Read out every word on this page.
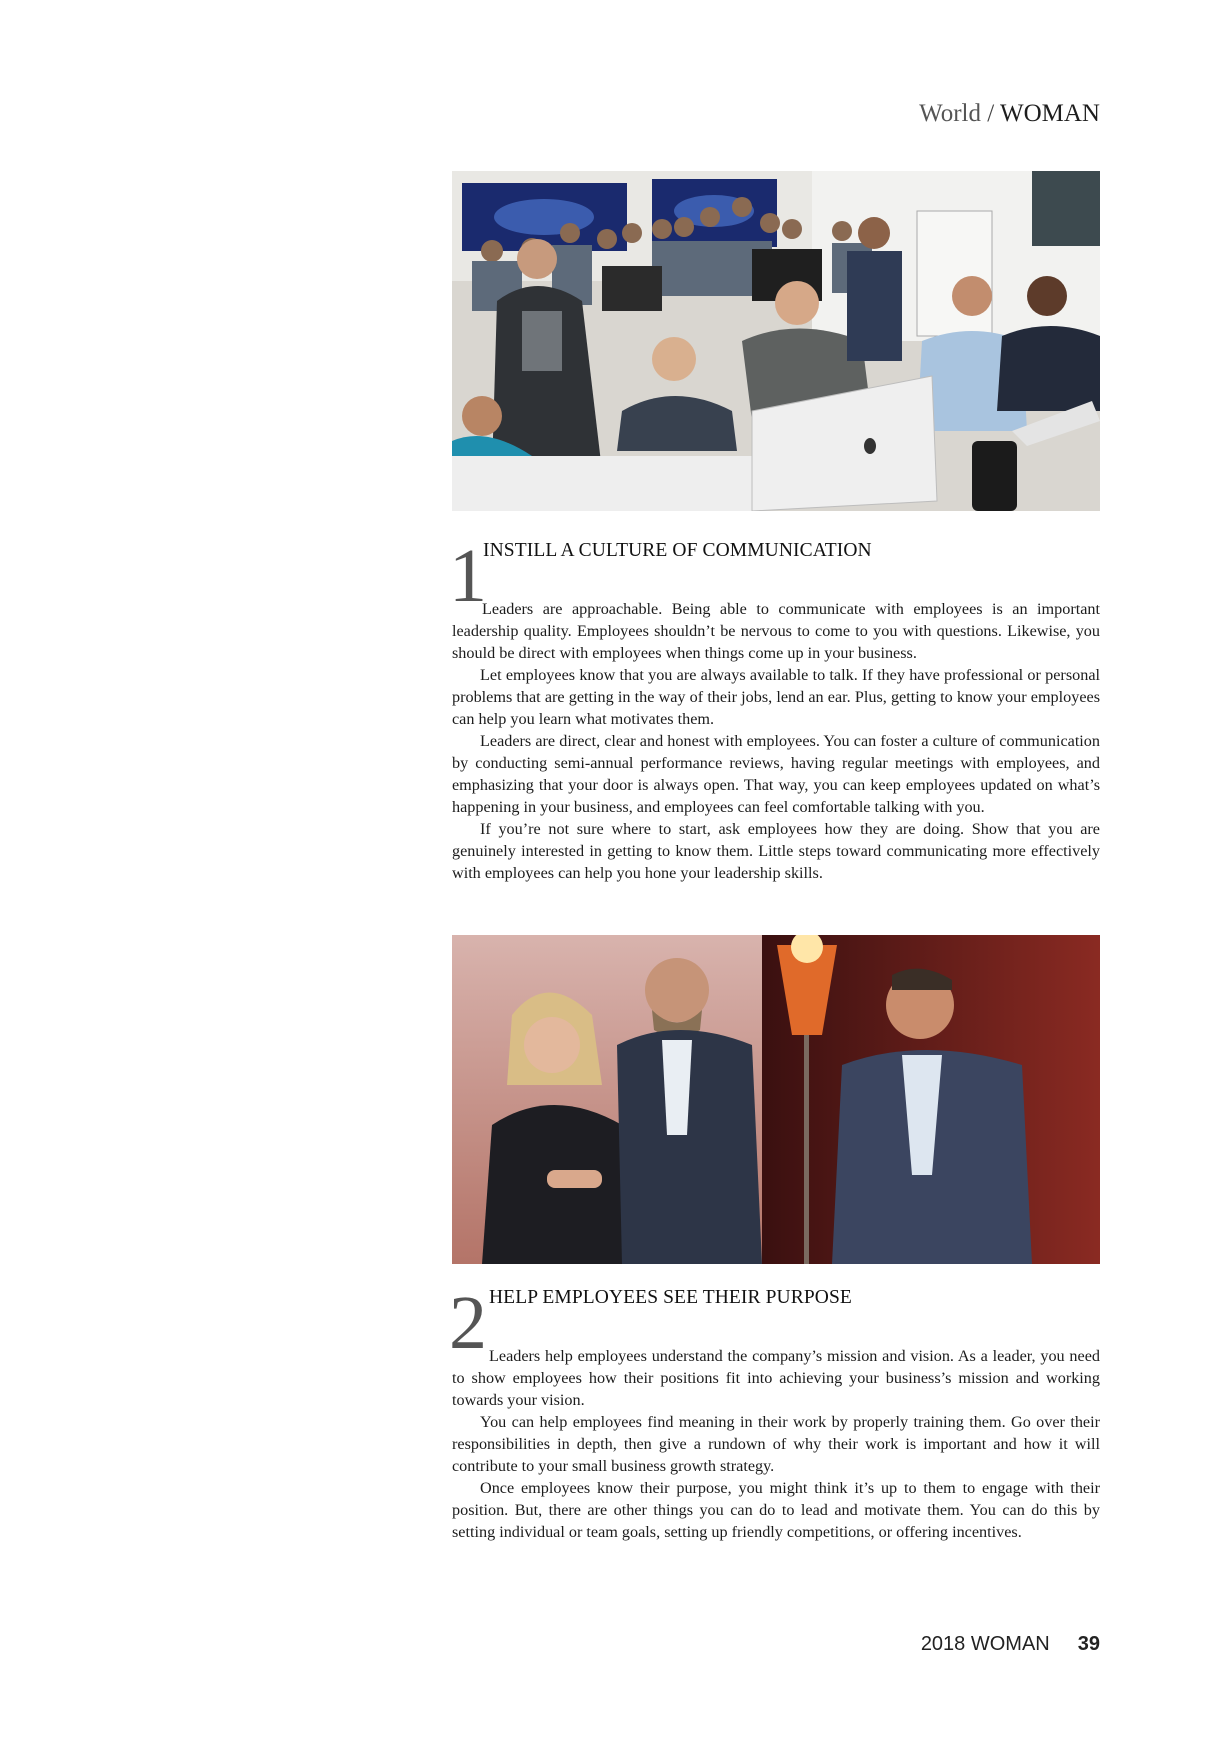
World / WOMAN
1
INSTILL A CULTURE OF COMMUNICATION

Leaders are approachable. Being able to communicate with employees is an important leadership quality. Employees shouldn’t be nervous to come to you with questions. Likewise, you should be direct with employees when things come up in your business.

Let employees know that you are always available to talk. If they have professional or personal problems that are getting in the way of their jobs, lend an ear. Plus, getting to know your employees can help you learn what motivates them.

Leaders are direct, clear and honest with employees. You can foster a culture of communication by conducting semi-annual performance reviews, having regular meetings with employees, and emphasizing that your door is always open. That way, you can keep employees updated on what’s happening in your business, and employees can feel comfortable talking with you.

If you’re not sure where to start, ask employees how they are doing. Show that you are genuinely interested in getting to know them. Little steps toward communicating more effectively with employees can help you hone your leadership skills.

2 HELP EMPLOYEES SEE THEIR PURPOSE

Leaders help employees understand the company’s mission and vision. As a leader, you need to show employees how their positions fit into achieving your business’s mission and working towards your vision.

You can help employees find meaning in their work by properly training them. Go over their responsibilities in depth, then give a rundown of why their work is important and how it will contribute to your small business growth strategy.

Once employees know their purpose, you might think it’s up to them to engage with their position. But, there are other things you can do to lead and motivate them. You can do this by setting individual or team goals, setting up friendly competitions, or offering incentives.

2018 WOMAN 39
